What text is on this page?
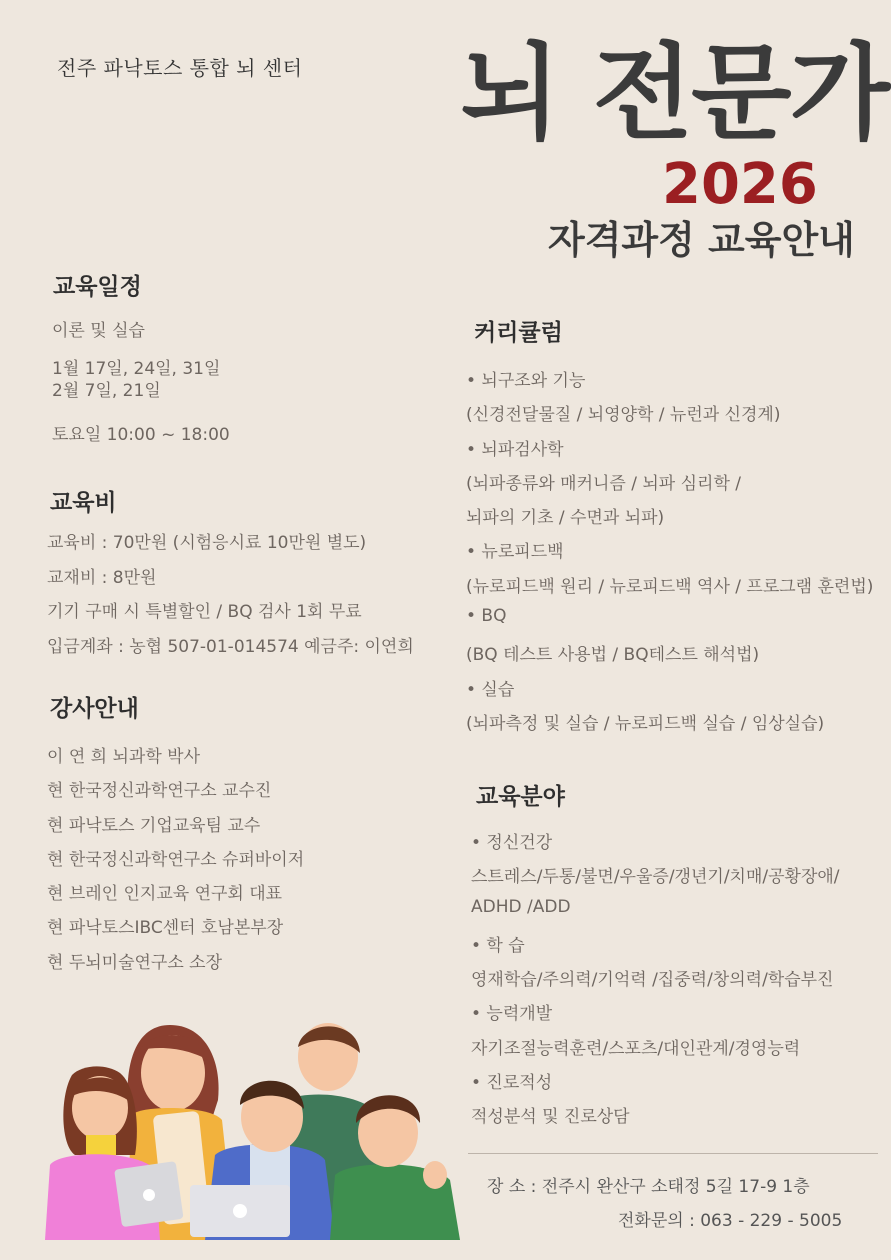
전주 파낙토스 통합 뇌 센터 뇌 전문가
2026
자격과정 교육안내
교육일정
이론 및 실습
1월 17일, 24일, 31일
2월 7일, 21일
토요일 10:00 ~ 18:00
교육비
교육비 : 70만원 (시험응시료 10만원 별도)
교재비 : 8만원
기기 구매 시 특별할인 / BQ 검사 1회 무료
입금계좌 : 농협 507-01-014574 예금주: 이연희
강사안내
이 연 희 뇌과학 박사
현 한국정신과학연구소 교수진
현 파낙토스 기업교육팀 교수
현 한국정신과학연구소 슈퍼바이저
현 브레인 인지교육 연구회 대표
현 파낙토스IBC센터 호남본부장
현 두뇌미술연구소 소장
커리큘럼
• 뇌구조와 기능
(신경전달물질 / 뇌영양학 / 뉴런과 신경계)
• 뇌파검사학
(뇌파종류와 매커니즘 / 뇌파 심리학 /
뇌파의 기초 / 수면과 뇌파)
• 뉴로피드백
(뉴로피드백 원리 / 뉴로피드백 역사 / 프로그램 훈련법)
• BQ
(BQ 테스트 사용법 / BQ테스트 해석법)
• 실습
(뇌파측정 및 실습 / 뉴로피드백 실습 / 임상실습)
교육분야
• 정신건강
스트레스/두통/불면/우울증/갱년기/치매/공황장애/
ADHD /ADD
• 학 습
영재학습/주의력/기억력 /집중력/창의력/학습부진
• 능력개발
자기조절능력훈련/스포츠/대인관계/경영능력
• 진로적성
적성분석 및 진로상담
장 소 : 전주시 완산구 소태정 5길 17-9 1층
전화문의 : 063 - 229 - 5005
